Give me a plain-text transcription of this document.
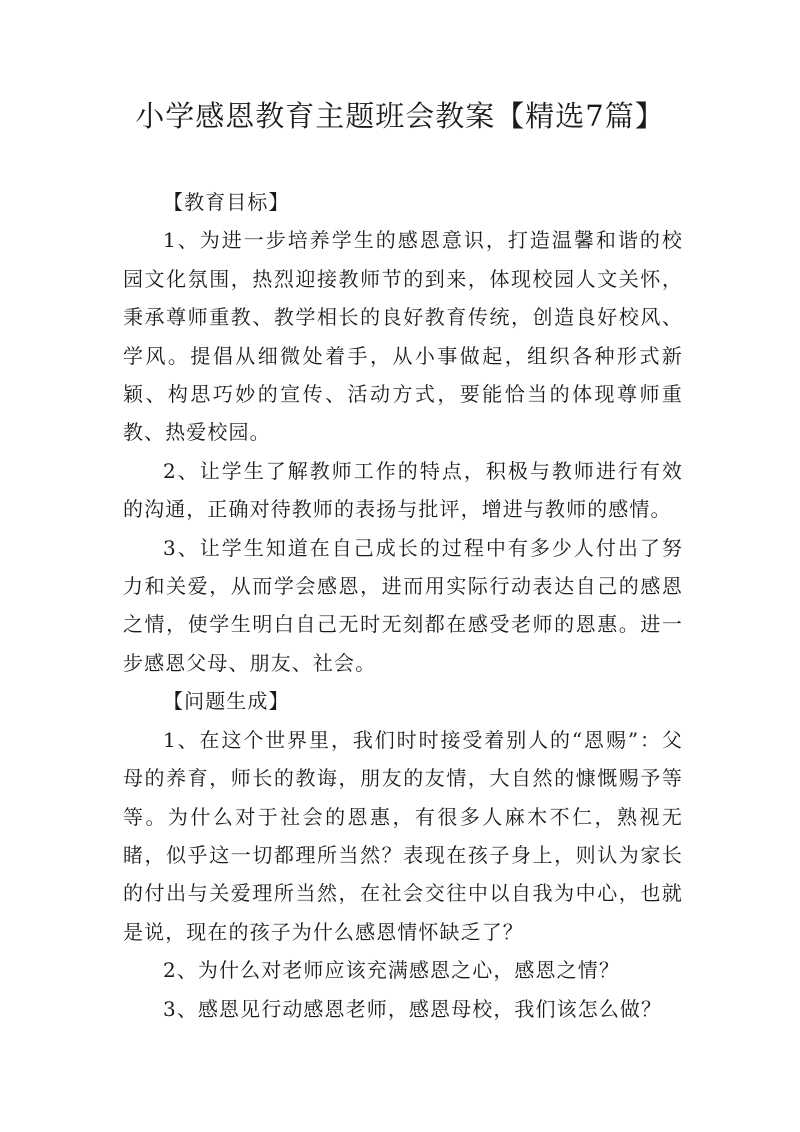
小学感恩教育主题班会教案【精选7篇】
【教育目标】

1、为进一步培养学生的感恩意识，打造温馨和谐的校园文化氛围，热烈迎接教师节的到来，体现校园人文关怀，秉承尊师重教、教学相长的良好教育传统，创造良好校风、学风。提倡从细微处着手，从小事做起，组织各种形式新颖、构思巧妙的宣传、活动方式，要能恰当的体现尊师重教、热爱校园。

2、让学生了解教师工作的特点，积极与教师进行有效的沟通，正确对待教师的表扬与批评，增进与教师的感情。

3、让学生知道在自己成长的过程中有多少人付出了努力和关爱，从而学会感恩，进而用实际行动表达自己的感恩之情，使学生明白自己无时无刻都在感受老师的恩惠。进一步感恩父母、朋友、社会。

【问题生成】

1、在这个世界里，我们时时接受着别人的“恩赐”：父母的养育，师长的教诲，朋友的友情，大自然的慷慨赐予等等。为什么对于社会的恩惠，有很多人麻木不仁，熟视无睹，似乎这一切都理所当然？表现在孩子身上，则认为家长的付出与关爱理所当然，在社会交往中以自我为中心，也就是说，现在的孩子为什么感恩情怀缺乏了？

2、为什么对老师应该充满感恩之心，感恩之情？

3、感恩见行动感恩老师，感恩母校，我们该怎么做？
